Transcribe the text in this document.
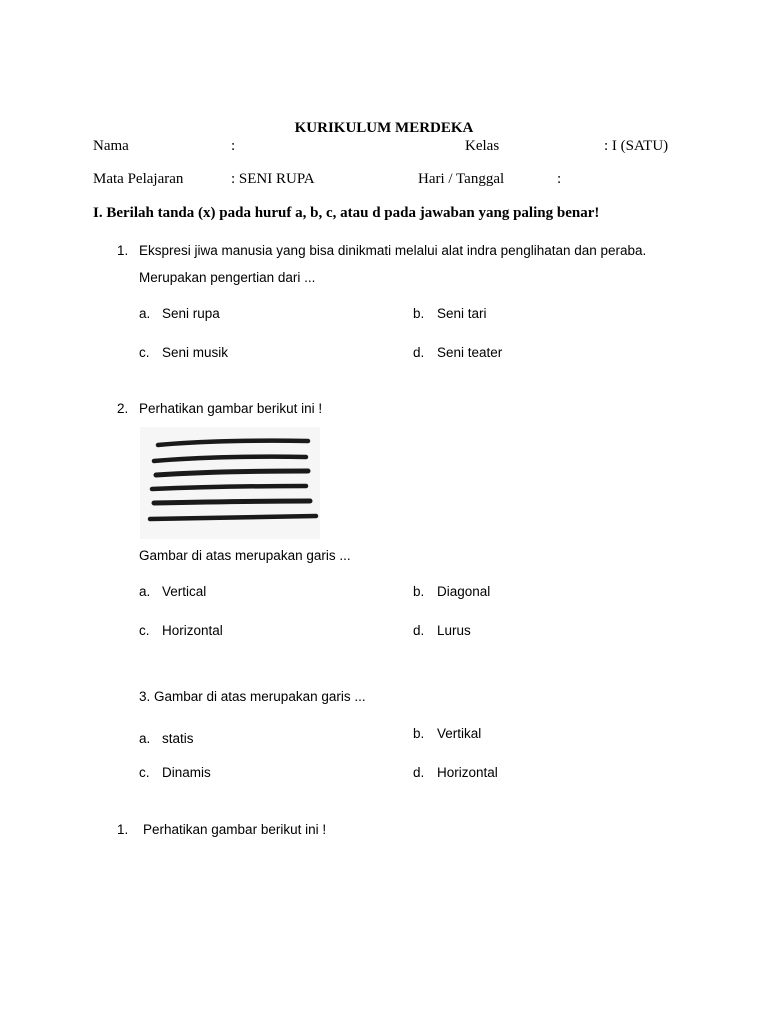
KURIKULUM MERDEKA
Nama	:	Kelas	: I (SATU)
Mata Pelajaran	: SENI RUPA	Hari / Tanggal	:
I. Berilah tanda (x) pada huruf a, b, c, atau d pada jawaban yang paling benar!
1. Ekspresi jiwa manusia yang bisa dinikmati melalui alat indra penglihatan dan peraba.
Merupakan pengertian dari ...
a. Seni rupa	b. Seni tari
c. Seni musik	d. Seni teater
2. Perhatikan gambar berikut ini !
Gambar di atas merupakan garis ...
a. Vertical	b. Diagonal
c. Horizontal	d. Lurus
3. Gambar di atas merupakan garis ...
a. statis	b. Vertikal
c. Dinamis	d. Horizontal
1. Perhatikan gambar berikut ini !
